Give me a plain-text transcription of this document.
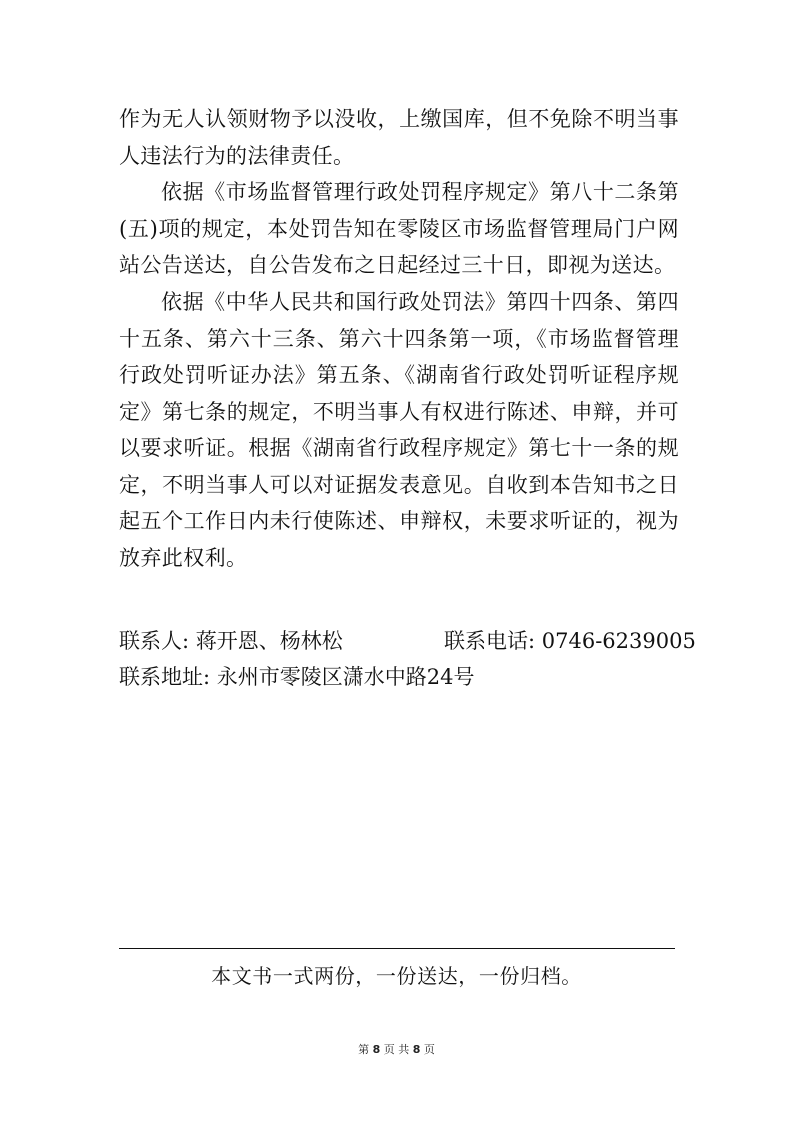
作为无人认领财物予以没收，上缴国库，但不免除不明当事人违法行为的法律责任。

依据《市场监督管理行政处罚程序规定》第八十二条第(五)项的规定，本处罚告知在零陵区市场监督管理局门户网站公告送达，自公告发布之日起经过三十日，即视为送达。

依据《中华人民共和国行政处罚法》第四十四条、第四十五条、第六十三条、第六十四条第一项，《市场监督管理行政处罚听证办法》第五条、《湖南省行政处罚听证程序规定》第七条的规定，不明当事人有权进行陈述、申辩，并可以要求听证。根据《湖南省行政程序规定》第七十一条的规定，不明当事人可以对证据发表意见。自收到本告知书之日起五个工作日内未行使陈述、申辩权，未要求听证的，视为放弃此权利。

联系人: 蒋开恩、杨林松	联系电话: 0746-6239005
联系地址: 永州市零陵区潇水中路24号
本文书一式两份，一份送达，一份归档。
第 8 页 共 8 页
